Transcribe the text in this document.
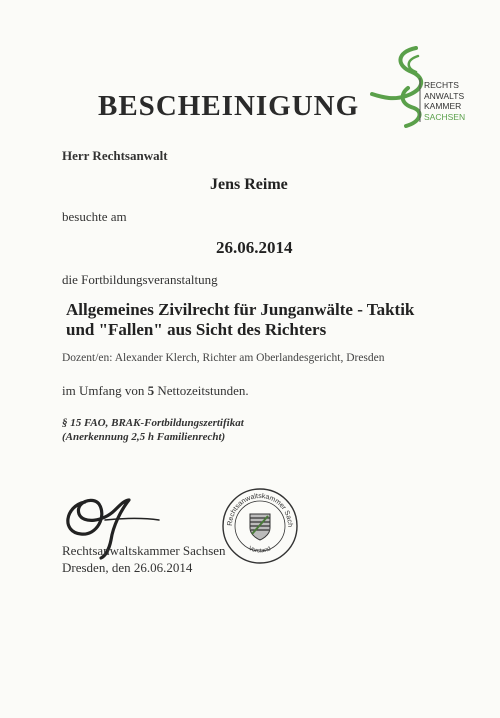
BESCHEINIGUNG
RECHTS
ANWALTS
KAMMER
SACHSEN
Herr Rechtsanwalt
Jens Reime
besuchte am
26.06.2014
die Fortbildungsveranstaltung
Allgemeines Zivilrecht für Junganwälte - Taktik
und "Fallen" aus Sicht des Richters
Dozent/en: Alexander Klerch, Richter am Oberlandesgericht, Dresden
im Umfang von 5 Nettozeitstunden.
§ 15 FAO, BRAK-Fortbildungszertifikat
(Anerkennung 2,5 h Familienrecht)
Rechtsanwaltskammer Sach
Vorstand
Rechtsanwaltskammer Sachsen
Dresden, den 26.06.2014
